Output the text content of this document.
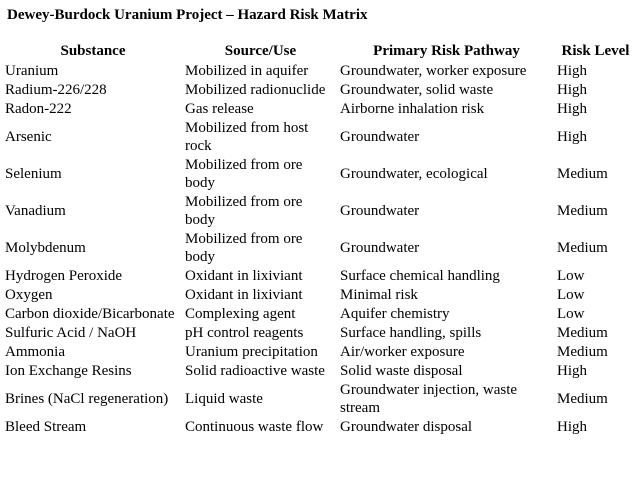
Dewey-Burdock Uranium Project – Hazard Risk Matrix
Substance	Source/Use	Primary Risk Pathway	Risk Level
Uranium	Mobilized in aquifer	Groundwater, worker exposure	High
Radium-226/228	Mobilized radionuclide	Groundwater, solid waste	High
Radon-222	Gas release	Airborne inhalation risk	High
Arsenic	Mobilized from host rock	Groundwater	High
Selenium	Mobilized from ore body	Groundwater, ecological	Medium
Vanadium	Mobilized from ore body	Groundwater	Medium
Molybdenum	Mobilized from ore body	Groundwater	Medium
Hydrogen Peroxide	Oxidant in lixiviant	Surface chemical handling	Low
Oxygen	Oxidant in lixiviant	Minimal risk	Low
Carbon dioxide/Bicarbonate	Complexing agent	Aquifer chemistry	Low
Sulfuric Acid / NaOH	pH control reagents	Surface handling, spills	Medium
Ammonia	Uranium precipitation	Air/worker exposure	Medium
Ion Exchange Resins	Solid radioactive waste	Solid waste disposal	High
Brines (NaCl regeneration)	Liquid waste	Groundwater injection, waste stream	Medium
Bleed Stream	Continuous waste flow	Groundwater disposal	High
